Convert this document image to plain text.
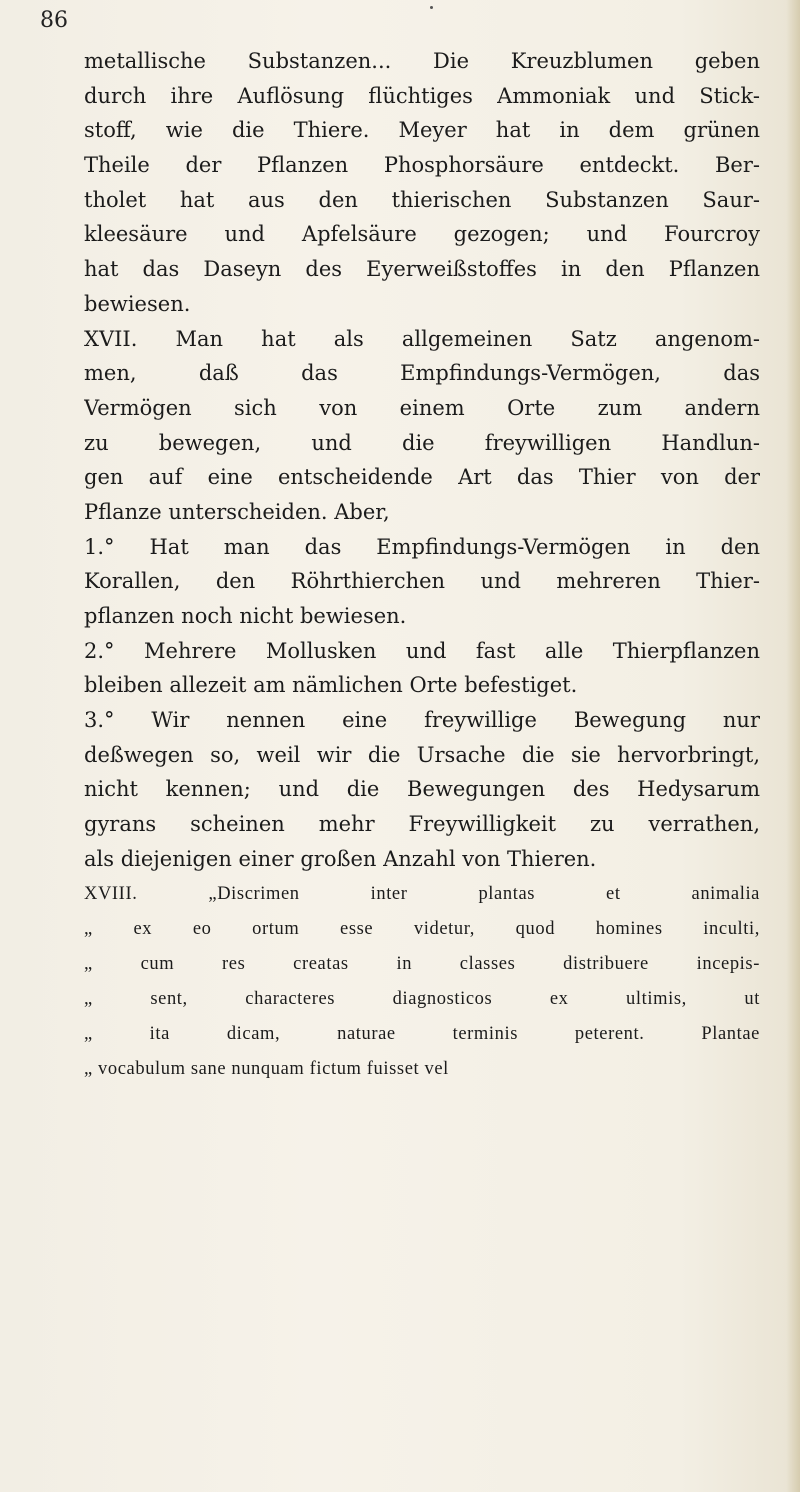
86
metallische Substanzen... Die Kreuzblumen geben
durch ihre Auflösung flüchtiges Ammoniak und Stick-
stoff, wie die Thiere. Meyer hat in dem grünen
Theile der Pflanzen Phosphorsäure entdeckt. Ber-
tholet hat aus den thierischen Substanzen Saur-
kleesäure und Apfelsäure gezogen; und Fourcroy
hat das Daseyn des Eyerweißstoffes in den Pflanzen
bewiesen.
XVII. Man hat als allgemeinen Satz angenom-
men, daß das Empfindungs-Vermögen, das
Vermögen sich von einem Orte zum andern
zu bewegen, und die freywilligen Handlun-
gen auf eine entscheidende Art das Thier von der
Pflanze unterscheiden. Aber,
1.° Hat man das Empfindungs-Vermögen in den
Korallen, den Röhrthierchen und mehreren Thier-
pflanzen noch nicht bewiesen.
2.° Mehrere Mollusken und fast alle Thierpflanzen
bleiben allezeit am nämlichen Orte befestiget.
3.° Wir nennen eine freywillige Bewegung nur
deßwegen so, weil wir die Ursache die sie hervorbringt,
nicht kennen; und die Bewegungen des Hedysarum
gyrans scheinen mehr Freywilligkeit zu verrathen,
als diejenigen einer großen Anzahl von Thieren.
XVIII. „Discrimen inter plantas et animalia
„ ex eo ortum esse videtur, quod homines inculti,
„ cum res creatas in classes distribuere incepis-
„ sent, characteres diagnosticos ex ultimis, ut
„ ita dicam, naturae terminis peterent. Plantae
„ vocabulum sane nunquam fictum fuisset vel
